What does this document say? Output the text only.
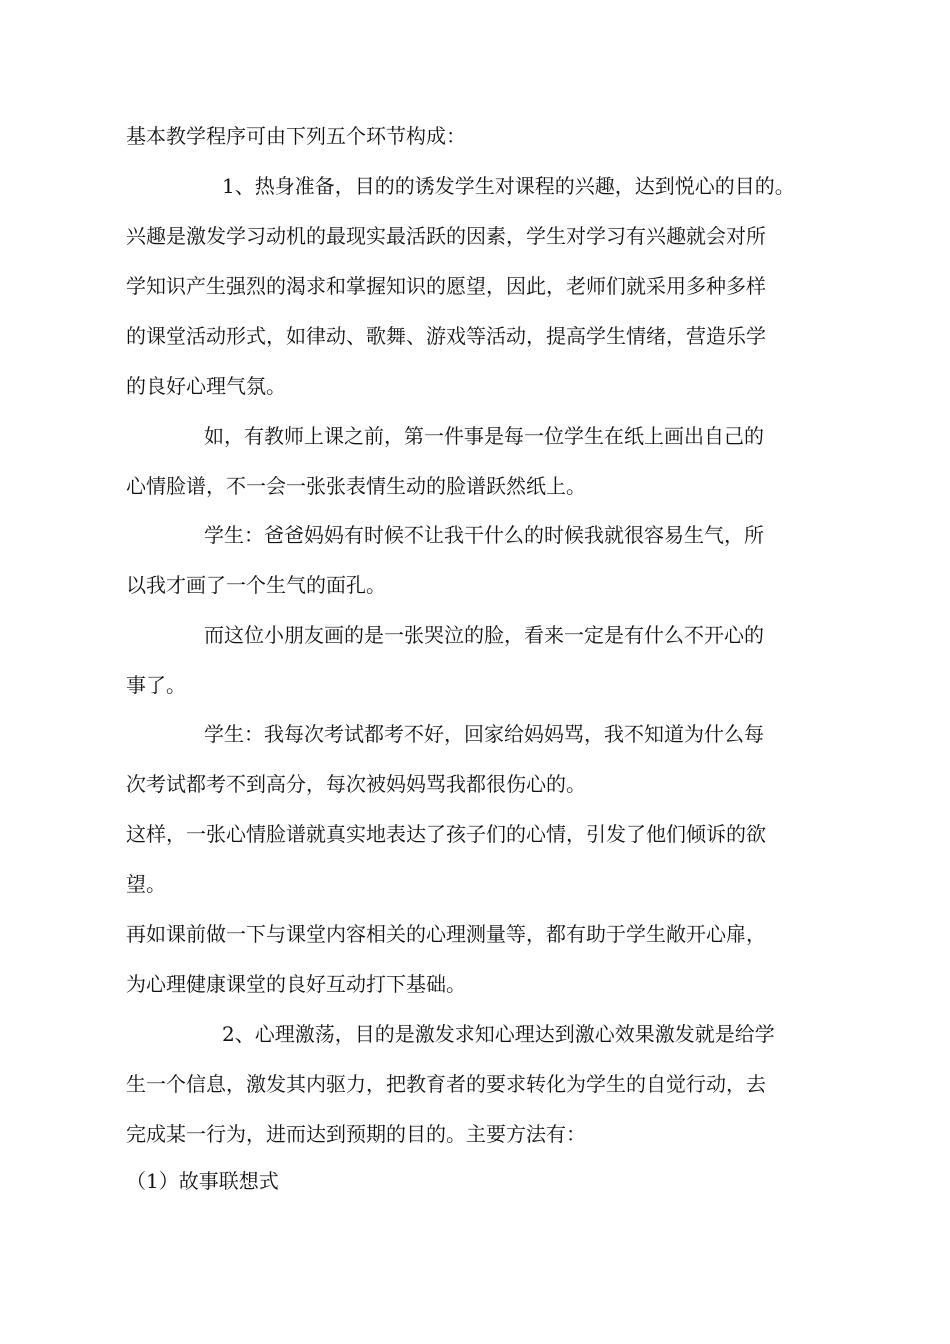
基本教学程序可由下列五个环节构成：
1、热身准备，目的的诱发学生对课程的兴趣，达到悦心的目的。
兴趣是激发学习动机的最现实最活跃的因素，学生对学习有兴趣就会对所
学知识产生强烈的渴求和掌握知识的愿望，因此，老师们就采用多种多样
的课堂活动形式，如律动、歌舞、游戏等活动，提高学生情绪，营造乐学
的良好心理气氛。
如，有教师上课之前，第一件事是每一位学生在纸上画出自己的
心情脸谱，不一会一张张表情生动的脸谱跃然纸上。
学生：爸爸妈妈有时候不让我干什么的时候我就很容易生气，所
以我才画了一个生气的面孔。
而这位小朋友画的是一张哭泣的脸，看来一定是有什么不开心的
事了。
学生：我每次考试都考不好，回家给妈妈骂，我不知道为什么每
次考试都考不到高分，每次被妈妈骂我都很伤心的。
这样，一张心情脸谱就真实地表达了孩子们的心情，引发了他们倾诉的欲
望。
再如课前做一下与课堂内容相关的心理测量等，都有助于学生敞开心扉，
为心理健康课堂的良好互动打下基础。
2、心理激荡，目的是激发求知心理达到激心效果激发就是给学
生一个信息，激发其内驱力，把教育者的要求转化为学生的自觉行动，去
完成某一行为，进而达到预期的目的。主要方法有：
（1）故事联想式
